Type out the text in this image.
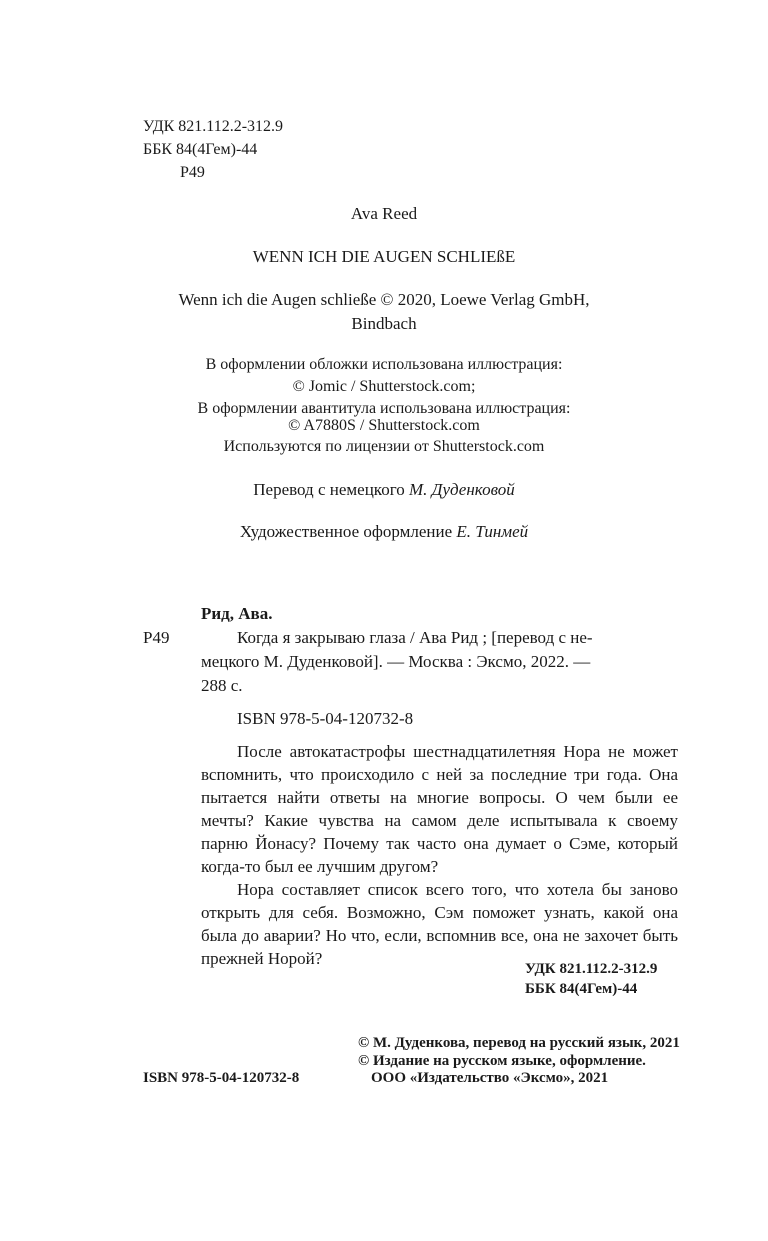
УДК 821.112.2-312.9
ББК 84(4Гем)-44
Р49
Ava Reed
WENN ICH DIE AUGEN SCHLIEßE
Wenn ich die Augen schließe © 2020, Loewe Verlag GmbH,
Bindbach
В оформлении обложки использована иллюстрация:
© Jomic / Shutterstock.com;
В оформлении авантитула использована иллюстрация:
© A7880S / Shutterstock.com
Используются по лицензии от Shutterstock.com
Перевод с немецкого М. Дуденковой
Художественное оформление Е. Тинмей
Рид, Ава.
Р49	Когда я закрываю глаза / Ава Рид ; [перевод с не-
мецкого М. Дуденковой]. — Москва : Эксмо, 2022. —
288 с.
ISBN 978-5-04-120732-8

После автокатастрофы шестнадцатилетняя Нора не может вспомнить, что происходило с ней за последние три года. Она пытается найти ответы на многие вопросы. О чем были ее мечты? Какие чувства на самом деле испытывала к своему парню Йонасу? Почему так часто она думает о Сэме, который когда-то был ее лучшим другом?

Нора составляет список всего того, что хотела бы заново открыть для себя. Возможно, Сэм поможет узнать, какой она была до аварии? Но что, если, вспомнив все, она не захочет быть прежней Норой?

УДК 821.112.2-312.9
ББК 84(4Гем)-44
© М. Дуденкова, перевод на русский язык, 2021
© Издание на русском языке, оформление.
ISBN 978-5-04-120732-8	ООО «Издательство «Эксмо», 2021
